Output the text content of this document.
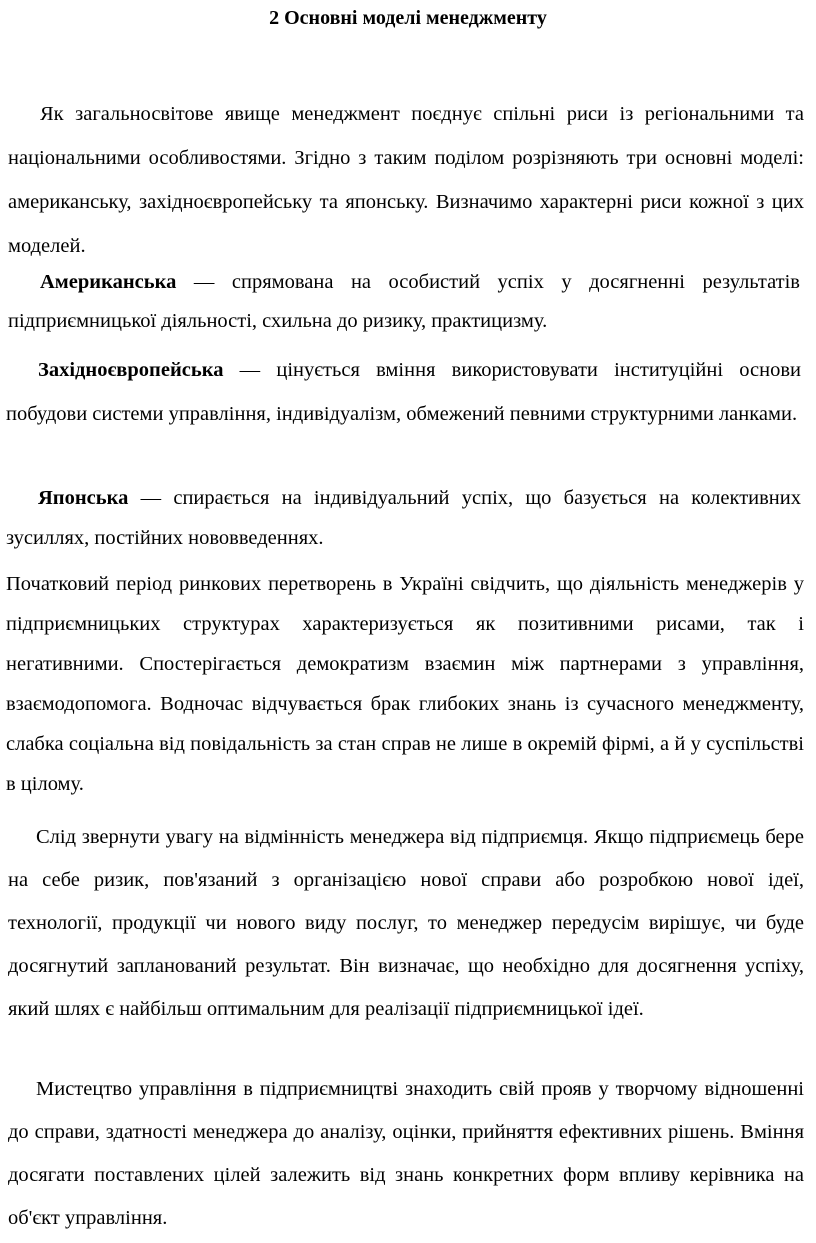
2 Основні моделі менеджменту

Як загальносвітове явище менеджмент поєднує спільні риси із регіональними та національними особливостями. Згідно з таким поділом розрізняють три основні моделі: американську, західноєвропейську та японську. Визначимо характерні риси кожної з цих моделей.

Американська — спрямована на особистий успіх у досягненні результатів підприємницької діяльності, схильна до ризику, практицизму.

Західноєвропейська — цінується вміння використовувати інституційні основи побудови системи управління, індивідуалізм, обмежений певними структурними ланками.

Японська — спирається на індивідуальний успіх, що базується на колективних зусиллях, постійних нововведеннях.

Початковий період ринкових перетворень в Україні свідчить, що діяльність менеджерів у підприємницьких структурах характеризується як позитивними рисами, так і негативними. Спостерігається демократизм взаємин між партнерами з управління, взаємодопомога. Водночас відчувається брак глибоких знань із сучасного менеджменту, слабка соціальна від повідальність за стан справ не лише в окремій фірмі, а й у суспільстві в цілому.

Слід звернути увагу на відмінність менеджера від підприємця. Якщо підприємець бере на себе ризик, пов'язаний з організацією нової справи або розробкою нової ідеї, технології, продукції чи нового виду послуг, то менеджер передусім вирішує, чи буде досягнутий запланований результат. Він визначає, що необхідно для досягнення успіху, який шлях є найбільш оптимальним для реалізації підприємницької ідеї.

Мистецтво управління в підприємництві знаходить свій прояв у творчому відношенні до справи, здатності менеджера до аналізу, оцінки, прийняття ефективних рішень. Вміння досягати поставлених цілей залежить від знань конкретних форм впливу керівника на об'єкт управління.
